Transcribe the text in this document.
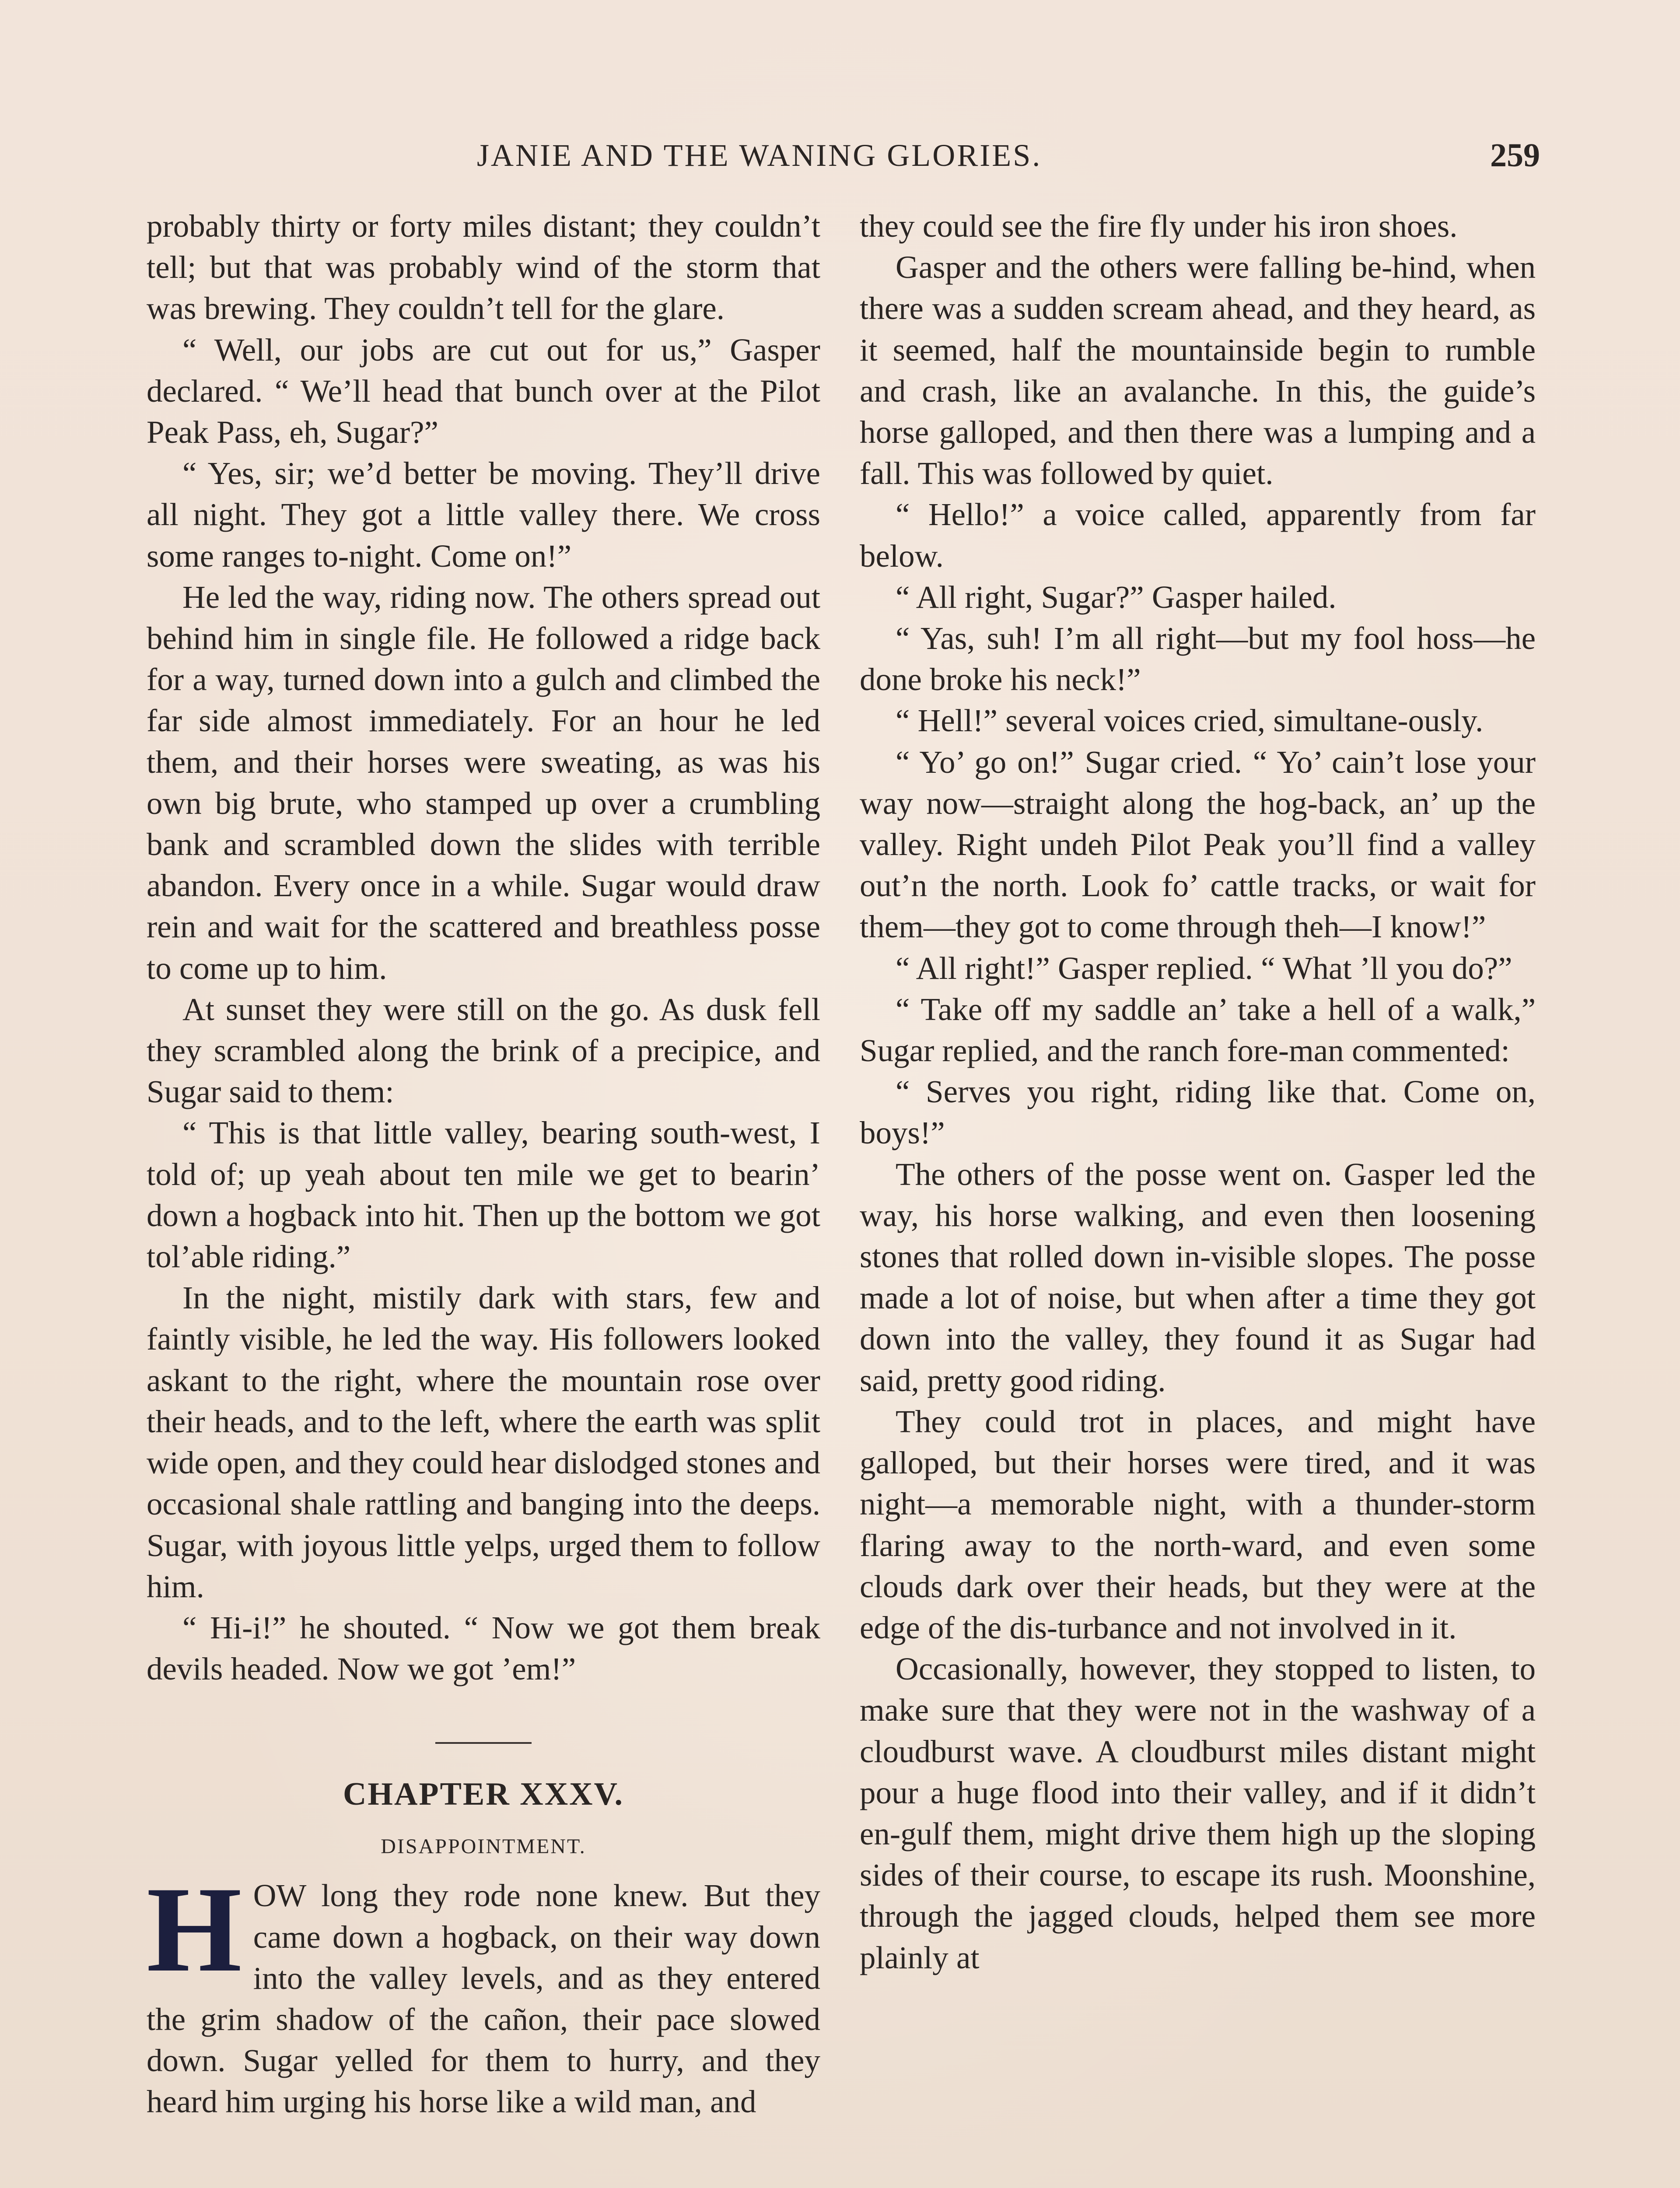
JANIE AND THE WANING GLORIES.	259

probably thirty or forty miles distant; they couldn’t tell; but that was probably wind of the storm that was brewing. They couldn’t tell for the glare.

“ Well, our jobs are cut out for us,” Gasper declared. “ We’ll head that bunch over at the Pilot Peak Pass, eh, Sugar?”

“ Yes, sir; we’d better be moving. They’ll drive all night. They got a little valley there. We cross some ranges to-night. Come on!”

He led the way, riding now. The others spread out behind him in single file. He followed a ridge back for a way, turned down into a gulch and climbed the far side almost immediately. For an hour he led them, and their horses were sweating, as was his own big brute, who stamped up over a crumbling bank and scrambled down the slides with terrible abandon. Every once in a while. Sugar would draw rein and wait for the scattered and breathless posse to come up to him.

At sunset they were still on the go. As dusk fell they scrambled along the brink of a precipice, and Sugar said to them:

“ This is that little valley, bearing south-west, I told of; up yeah about ten mile we get to bearin’ down a hogback into hit. Then up the bottom we got tol’able riding.”

In the night, mistily dark with stars, few and faintly visible, he led the way. His followers looked askant to the right, where the mountain rose over their heads, and to the left, where the earth was split wide open, and they could hear dislodged stones and occasional shale rattling and banging into the deeps. Sugar, with joyous little yelps, urged them to follow him.

“ Hi-i!” he shouted. “ Now we got them break devils headed. Now we got ’em!”

CHAPTER XXXV.
DISAPPOINTMENT.

HOW long they rode none knew. But they came down a hogback, on their way down into the valley levels, and as they entered the grim shadow of the cañon, their pace slowed down. Sugar yelled for them to hurry, and they heard him urging his horse like a wild man, and

they could see the fire fly under his iron shoes.

Gasper and the others were falling be-hind, when there was a sudden scream ahead, and they heard, as it seemed, half the mountainside begin to rumble and crash, like an avalanche. In this, the guide’s horse galloped, and then there was a lumping and a fall. This was followed by quiet.

“ Hello!” a voice called, apparently from far below.

“ All right, Sugar?” Gasper hailed.

“ Yas, suh! I’m all right—but my fool hoss—he done broke his neck!”

“ Hell!” several voices cried, simultane-ously.

“ Yo’ go on!” Sugar cried. “ Yo’ cain’t lose your way now—straight along the hog-back, an’ up the valley. Right undeh Pilot Peak you’ll find a valley out’n the north. Look fo’ cattle tracks, or wait for them—they got to come through theh—I know!”

“ All right!” Gasper replied. “ What ’ll you do?”

“ Take off my saddle an’ take a hell of a walk,” Sugar replied, and the ranch fore-man commented:

“ Serves you right, riding like that. Come on, boys!”

The others of the posse went on. Gasper led the way, his horse walking, and even then loosening stones that rolled down in-visible slopes. The posse made a lot of noise, but when after a time they got down into the valley, they found it as Sugar had said, pretty good riding.

They could trot in places, and might have galloped, but their horses were tired, and it was night—a memorable night, with a thunder-storm flaring away to the north-ward, and even some clouds dark over their heads, but they were at the edge of the dis-turbance and not involved in it.

Occasionally, however, they stopped to listen, to make sure that they were not in the washway of a cloudburst wave. A cloudburst miles distant might pour a huge flood into their valley, and if it didn’t en-gulf them, might drive them high up the sloping sides of their course, to escape its rush. Moonshine, through the jagged clouds, helped them see more plainly at
